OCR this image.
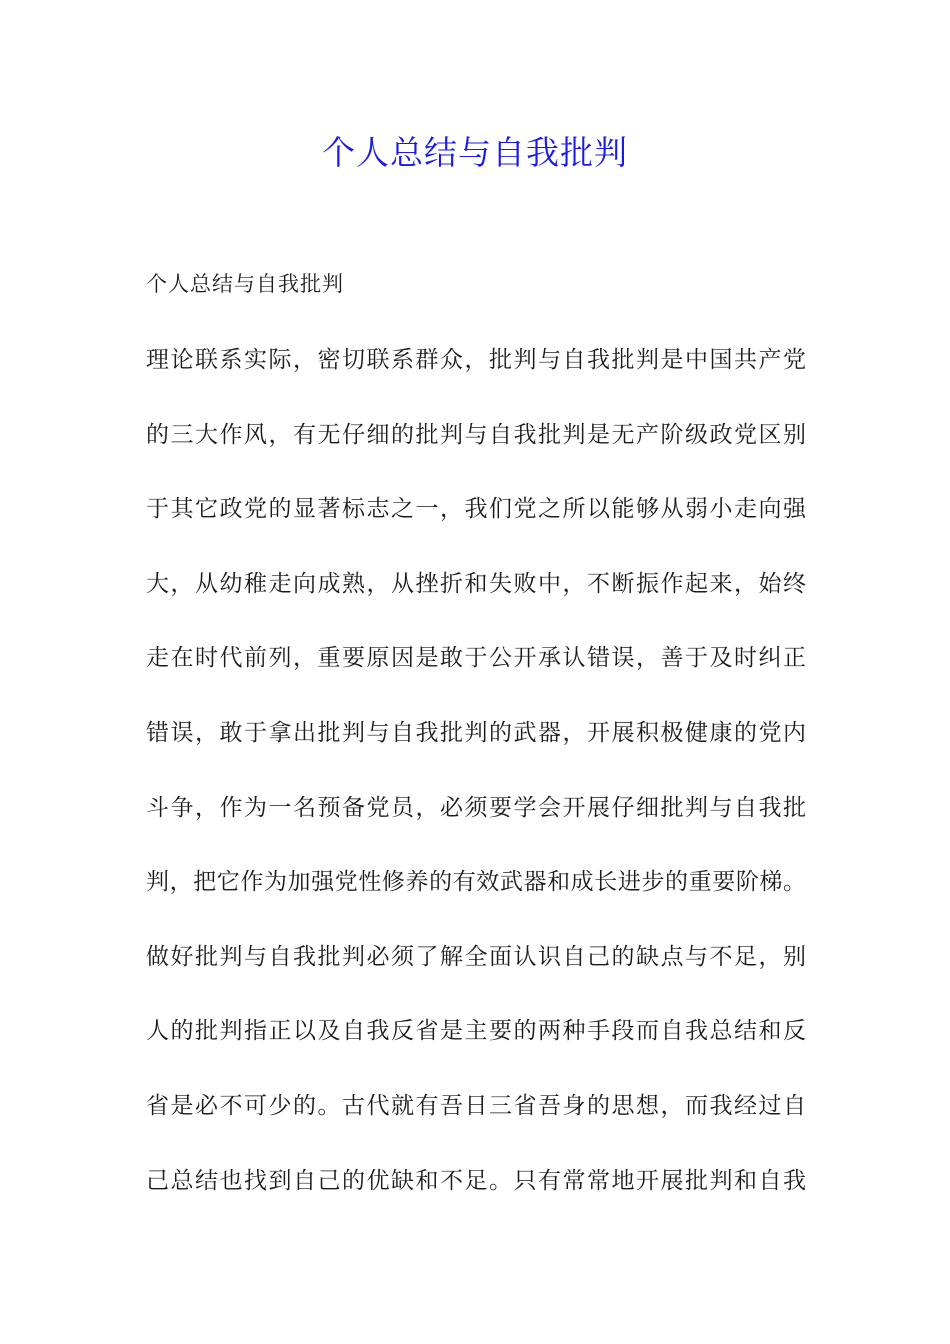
个人总结与自我批判

个人总结与自我批判

理论联系实际，密切联系群众，批判与自我批判是中国共产党
的三大作风，有无仔细的批判与自我批判是无产阶级政党区别
于其它政党的显著标志之一，我们党之所以能够从弱小走向强
大，从幼稚走向成熟，从挫折和失败中，不断振作起来，始终
走在时代前列，重要原因是敢于公开承认错误，善于及时纠正
错误，敢于拿出批判与自我批判的武器，开展积极健康的党内
斗争，作为一名预备党员，必须要学会开展仔细批判与自我批
判，把它作为加强党性修养的有效武器和成长进步的重要阶梯。
做好批判与自我批判必须了解全面认识自己的缺点与不足，别
人的批判指正以及自我反省是主要的两种手段而自我总结和反
省是必不可少的。古代就有吾日三省吾身的思想，而我经过自
己总结也找到自己的优缺和不足。只有常常地开展批判和自我
